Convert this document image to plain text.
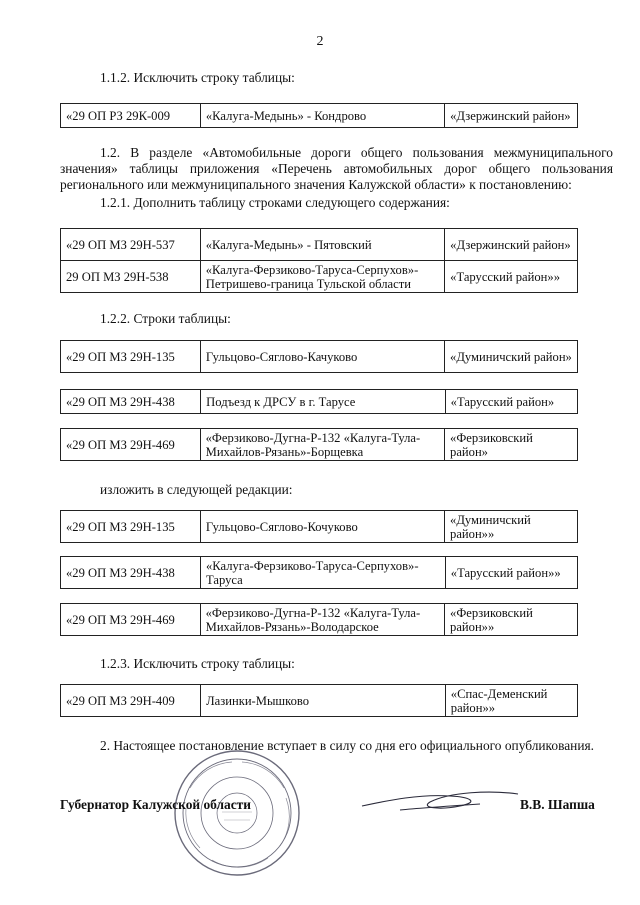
2
1.1.2. Исключить строку таблицы:
«29 ОП РЗ 29К-009	«Калуга-Медынь» - Кондрово	«Дзержинский район»
1.2. В разделе «Автомобильные дороги общего пользования межмуниципального значения» таблицы приложения «Перечень автомобильных дорог общего пользования регионального или межмуниципального значения Калужской области» к постановлению:
1.2.1. Дополнить таблицу строками следующего содержания:
«29 ОП МЗ 29Н-537	«Калуга-Медынь» - Пятовский	«Дзержинский район»
29 ОП МЗ 29Н-538	«Калуга-Ферзиково-Таруса-Серпухов»-Петришево-граница Тульской области	«Тарусский район»»
1.2.2. Строки таблицы:
«29 ОП МЗ 29Н-135	Гульцово-Сяглово-Качуково	«Думиничский район»
«29 ОП МЗ 29Н-438	Подъезд к ДРСУ в г. Тарусе	«Тарусский район»
«29 ОП МЗ 29Н-469	«Ферзиково-Дугна-Р-132 «Калуга-Тула-Михайлов-Рязань»-Борщевка	«Ферзиковский район»
изложить в следующей редакции:
«29 ОП МЗ 29Н-135	Гульцово-Сяглово-Кочуково	«Думиничский район»»
«29 ОП МЗ 29Н-438	«Калуга-Ферзиково-Таруса-Серпухов»-Таруса	«Тарусский район»»
«29 ОП МЗ 29Н-469	«Ферзиково-Дугна-Р-132 «Калуга-Тула-Михайлов-Рязань»-Володарское	«Ферзиковский район»»
1.2.3. Исключить строку таблицы:
«29 ОП МЗ 29Н-409	Лазинки-Мышково	«Спас-Деменский район»»
2. Настоящее постановление вступает в силу со дня его официального опубликования.
Губернатор Калужской области	В.В. Шапша
